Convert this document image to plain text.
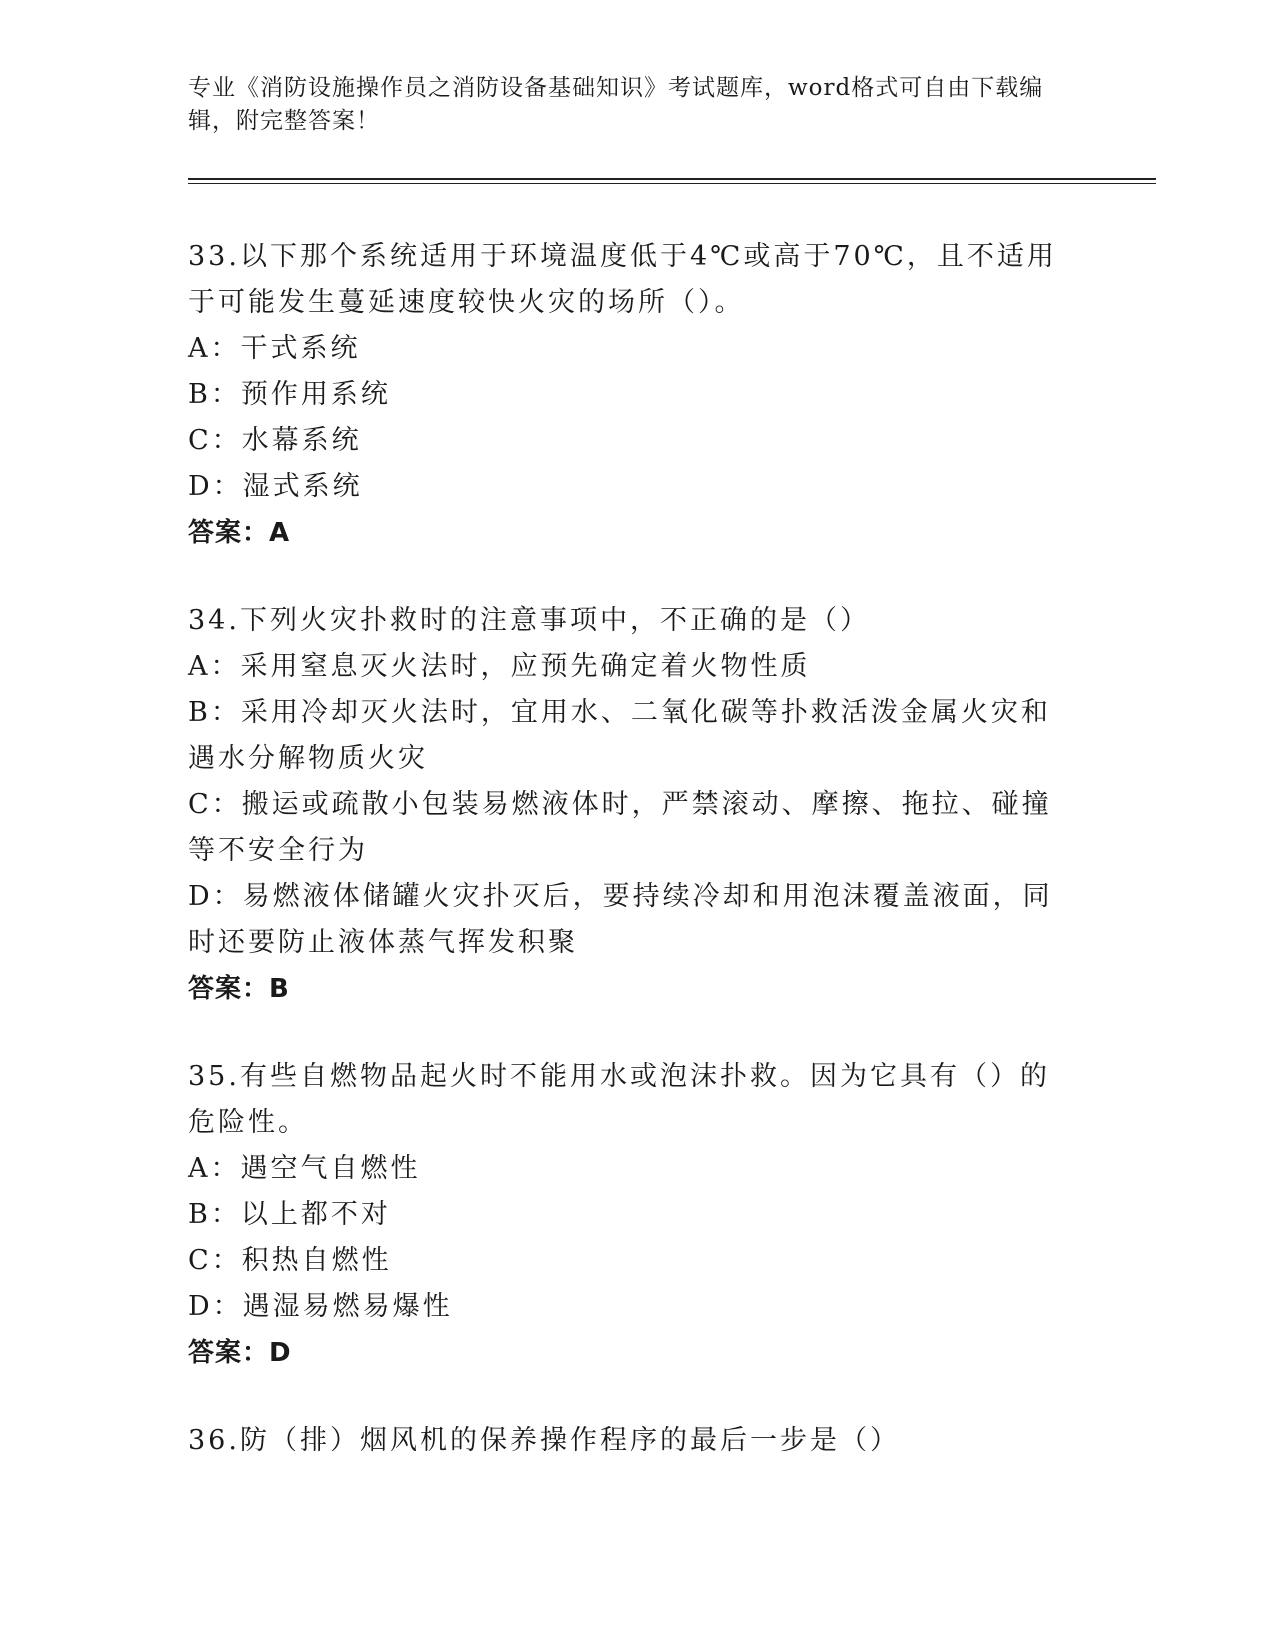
专业《消防设施操作员之消防设备基础知识》考试题库，word格式可自由下载编辑，附完整答案！
33.以下那个系统适用于环境温度低于4℃或高于70℃，且不适用于可能发生蔓延速度较快火灾的场所（）。
A：干式系统
B：预作用系统
C：水幕系统
D：湿式系统
答案：A
34.下列火灾扑救时的注意事项中，不正确的是（）
A：采用窒息灭火法时，应预先确定着火物性质
B：采用冷却灭火法时，宜用水、二氧化碳等扑救活泼金属火灾和遇水分解物质火灾
C：搬运或疏散小包装易燃液体时，严禁滚动、摩擦、拖拉、碰撞等不安全行为
D：易燃液体储罐火灾扑灭后，要持续冷却和用泡沫覆盖液面，同时还要防止液体蒸气挥发积聚
答案：B
35.有些自燃物品起火时不能用水或泡沫扑救。因为它具有（）的危险性。
A：遇空气自燃性
B：以上都不对
C：积热自燃性
D：遇湿易燃易爆性
答案：D
36.防（排）烟风机的保养操作程序的最后一步是（）
